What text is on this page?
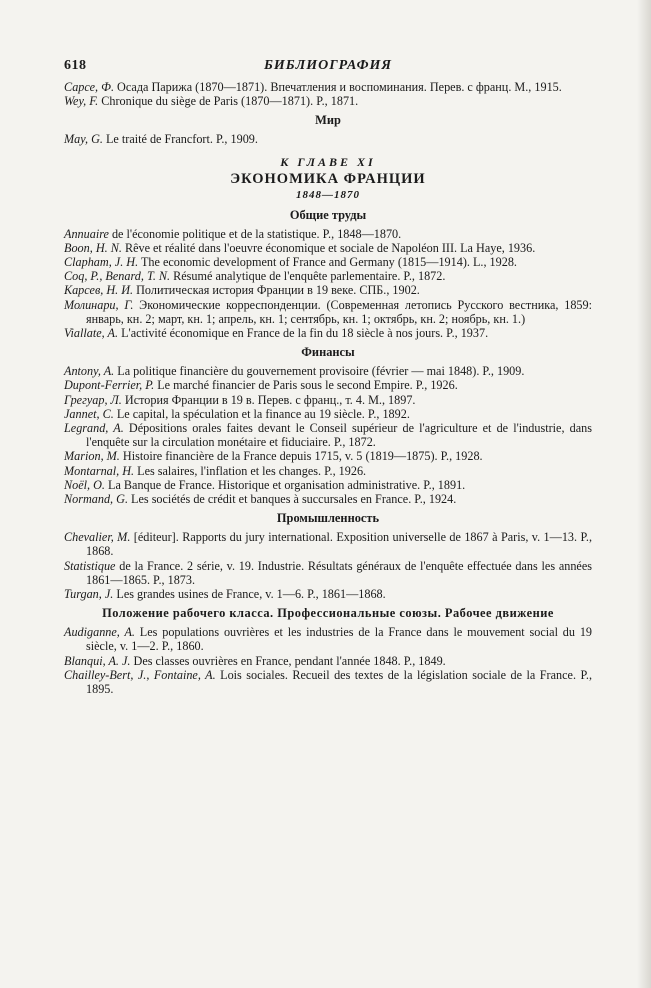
618	БИБЛИОГРАФИЯ
Сарсе, Ф. Осада Парижа (1870—1871). Впечатления и воспоминания. Перев. с франц. М., 1915.
Wey, F. Chronique du siège de Paris (1870—1871). P., 1871.
Мир
May, G. Le traité de Francfort. P., 1909.
К ГЛАВЕ XI
ЭКОНОМИКА ФРАНЦИИ
1848—1870
Общие труды
Annuaire de l'économie politique et de la statistique. P., 1848—1870.
Boon, H. N. Rêve et réalité dans l'oeuvre économique et sociale de Napoléon III. La Haye, 1936.
Clapham, J. H. The economic development of France and Germany (1815—1914). L., 1928.
Coq, P., Benard, T. N. Résumé analytique de l'enquête parlementaire. P., 1872.
Карсев, Н. И. Политическая история Франции в 19 веке. СПБ., 1902.
Молинари, Г. Экономические корреспонденции. (Современная летопись Русского вестника, 1859: январь, кн. 2; март, кн. 1; апрель, кн. 1; сентябрь, кн. 1; октябрь, кн. 2; ноябрь, кн. 1.)
Viallate, A. L'activité économique en France de la fin du 18 siècle à nos jours. P., 1937.
Финансы
Antony, A. La politique financière du gouvernement provisoire (février — mai 1848). P., 1909.
Dupont-Ferrier, P. Le marché financier de Paris sous le second Empire. P., 1926.
Грегуар, Л. История Франции в 19 в. Перев. с франц., т. 4. М., 1897.
Jannet, C. Le capital, la spéculation et la finance au 19 siècle. P., 1892.
Legrand, A. Dépositions orales faites devant le Conseil supérieur de l'agriculture et de l'industrie, dans l'enquête sur la circulation monétaire et fiduciaire. P., 1872.
Marion, M. Histoire financière de la France depuis 1715, v. 5 (1819—1875). P., 1928.
Montarnal, H. Les salaires, l'inflation et les changes. P., 1926.
Noël, O. La Banque de France. Historique et organisation administrative. P., 1891.
Normand, G. Les sociétés de crédit et banques à succursales en France. P., 1924.
Промышленность
Chevalier, M. [éditeur]. Rapports du jury international. Exposition universelle de 1867 à Paris, v. 1—13. P., 1868.
Statistique de la France. 2 série, v. 19. Industrie. Résultats généraux de l'enquête effectuée dans les années 1861—1865. P., 1873.
Turgan, J. Les grandes usines de France, v. 1—6. P., 1861—1868.
Положение рабочего класса. Профессиональные союзы. Рабочее движение
Audiganne, A. Les populations ouvrières et les industries de la France dans le mouvement social du 19 siècle, v. 1—2. P., 1860.
Blanqui, A. J. Des classes ouvrières en France, pendant l'année 1848. P., 1849.
Chailley-Bert, J., Fontaine, A. Lois sociales. Recueil des textes de la législation sociale de la France. P., 1895.
